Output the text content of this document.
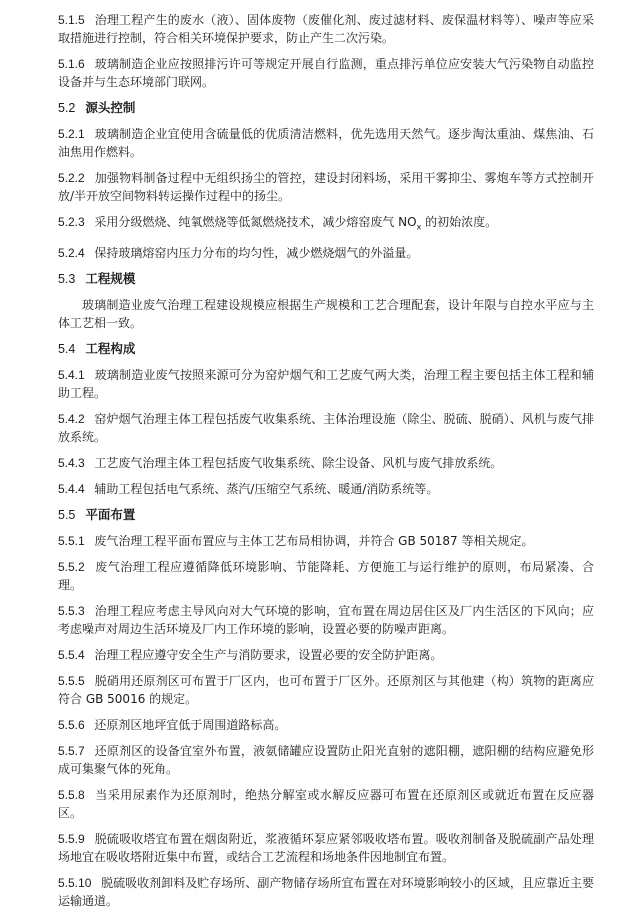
5.1.5 治理工程产生的废水（液）、固体废物（废催化剂、废过滤材料、废保温材料等）、噪声等应采取措施进行控制，符合相关环境保护要求，防止产生二次污染。

5.1.6 玻璃制造企业应按照排污许可等规定开展自行监测，重点排污单位应安装大气污染物自动监控设备并与生态环境部门联网。

5.2 源头控制

5.2.1 玻璃制造企业宜使用含硫量低的优质清洁燃料，优先选用天然气。逐步淘汰重油、煤焦油、石油焦用作燃料。

5.2.2 加强物料制备过程中无组织扬尘的管控，建设封闭料场，采用干雾抑尘、雾炮车等方式控制开放/半开放空间物料转运操作过程中的扬尘。

5.2.3 采用分级燃烧、纯氧燃烧等低氮燃烧技术，减少熔窑废气 $NO_x$ 的初始浓度。

5.2.4 保持玻璃熔窑内压力分布的均匀性，减少燃烧烟气的外溢量。

5.3 工程规模

玻璃制造业废气治理工程建设规模应根据生产规模和工艺合理配套，设计年限与自控水平应与主体工艺相一致。

5.4 工程构成

5.4.1 玻璃制造业废气按照来源可分为窑炉烟气和工艺废气两大类，治理工程主要包括主体工程和辅助工程。

5.4.2 窑炉烟气治理主体工程包括废气收集系统、主体治理设施（除尘、脱硫、脱硝）、风机与废气排放系统。

5.4.3 工艺废气治理主体工程包括废气收集系统、除尘设备、风机与废气排放系统。

5.4.4 辅助工程包括电气系统、蒸汽/压缩空气系统、暖通/消防系统等。

5.5 平面布置

5.5.1 废气治理工程平面布置应与主体工艺布局相协调，并符合 GB 50187 等相关规定。

5.5.2 废气治理工程应遵循降低环境影响、节能降耗、方便施工与运行维护的原则，布局紧凑、合理。

5.5.3 治理工程应考虑主导风向对大气环境的影响，宜布置在周边居住区及厂内生活区的下风向；应考虑噪声对周边生活环境及厂内工作环境的影响，设置必要的防噪声距离。

5.5.4 治理工程应遵守安全生产与消防要求，设置必要的安全防护距离。

5.5.5 脱硝用还原剂区可布置于厂区内，也可布置于厂区外。还原剂区与其他建（构）筑物的距离应符合 GB 50016 的规定。

5.5.6 还原剂区地坪宜低于周围道路标高。

5.5.7 还原剂区的设备宜室外布置，液氨储罐应设置防止阳光直射的遮阳棚，遮阳棚的结构应避免形成可集聚气体的死角。

5.5.8 当采用尿素作为还原剂时，绝热分解室或水解反应器可布置在还原剂区或就近布置在反应器区。

5.5.9 脱硫吸收塔宜布置在烟囱附近，浆液循环泵应紧邻吸收塔布置。吸收剂制备及脱硫副产品处理场地宜在吸收塔附近集中布置，或结合工艺流程和场地条件因地制宜布置。

5.5.10 脱硫吸收剂卸料及贮存场所、副产物储存场所宜布置在对环境影响较小的区域，且应靠近主要运输通道。
